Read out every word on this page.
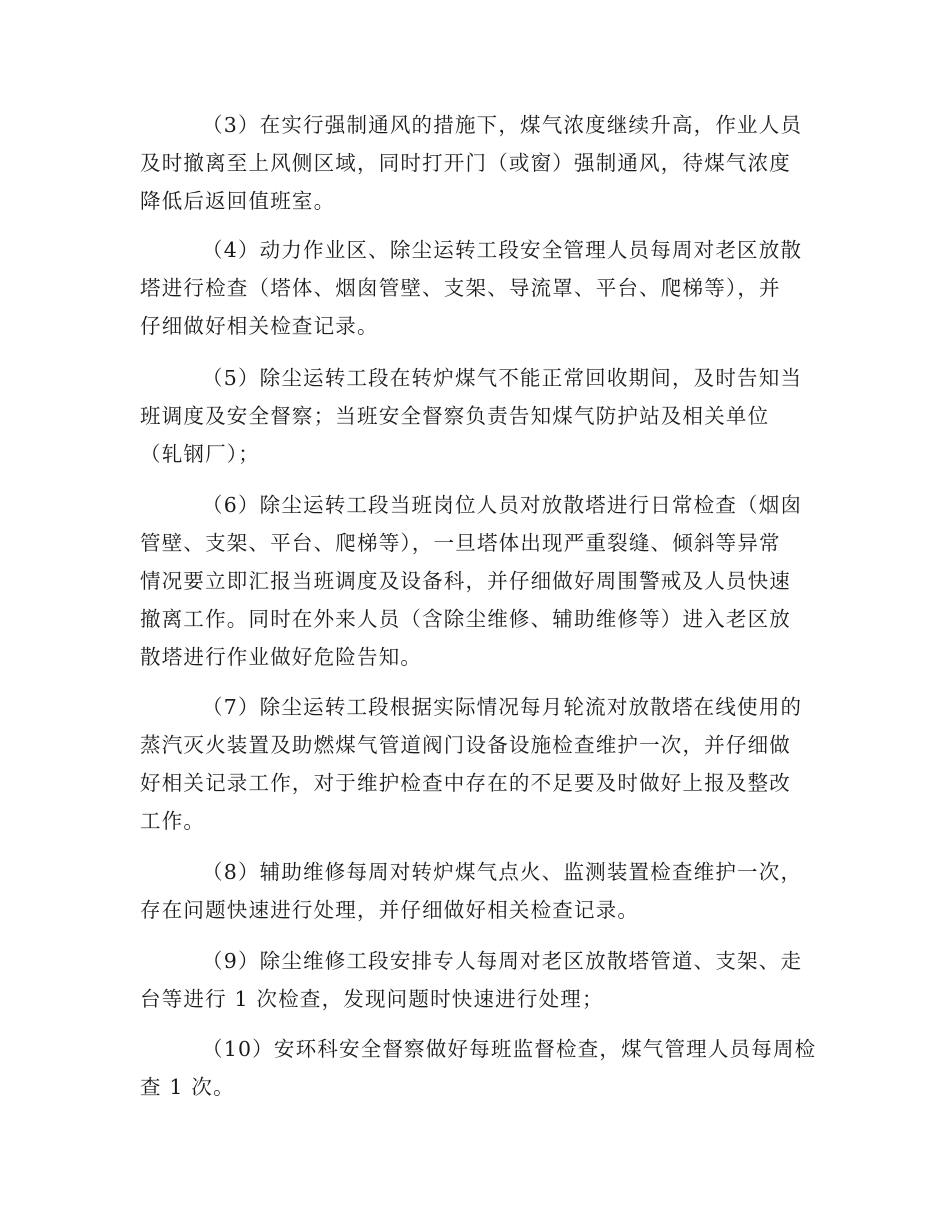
（3）在实行强制通风的措施下，煤气浓度继续升高，作业人员
及时撤离至上风侧区域，同时打开门（或窗）强制通风，待煤气浓度
降低后返回值班室。
（4）动力作业区、除尘运转工段安全管理人员每周对老区放散
塔进行检查（塔体、烟囱管壁、支架、导流罩、平台、爬梯等），并
仔细做好相关检查记录。
（5）除尘运转工段在转炉煤气不能正常回收期间，及时告知当
班调度及安全督察；当班安全督察负责告知煤气防护站及相关单位
（轧钢厂）；
（6）除尘运转工段当班岗位人员对放散塔进行日常检查（烟囱
管壁、支架、平台、爬梯等），一旦塔体出现严重裂缝、倾斜等异常
情况要立即汇报当班调度及设备科，并仔细做好周围警戒及人员快速
撤离工作。同时在外来人员（含除尘维修、辅助维修等）进入老区放
散塔进行作业做好危险告知。
（7）除尘运转工段根据实际情况每月轮流对放散塔在线使用的
蒸汽灭火装置及助燃煤气管道阀门设备设施检查维护一次，并仔细做
好相关记录工作，对于维护检查中存在的不足要及时做好上报及整改
工作。
（8）辅助维修每周对转炉煤气点火、监测装置检查维护一次，
存在问题快速进行处理，并仔细做好相关检查记录。
（9）除尘维修工段安排专人每周对老区放散塔管道、支架、走
台等进行 1 次检查，发现问题时快速进行处理；
（10）安环科安全督察做好每班监督检查，煤气管理人员每周检
查 1 次。
